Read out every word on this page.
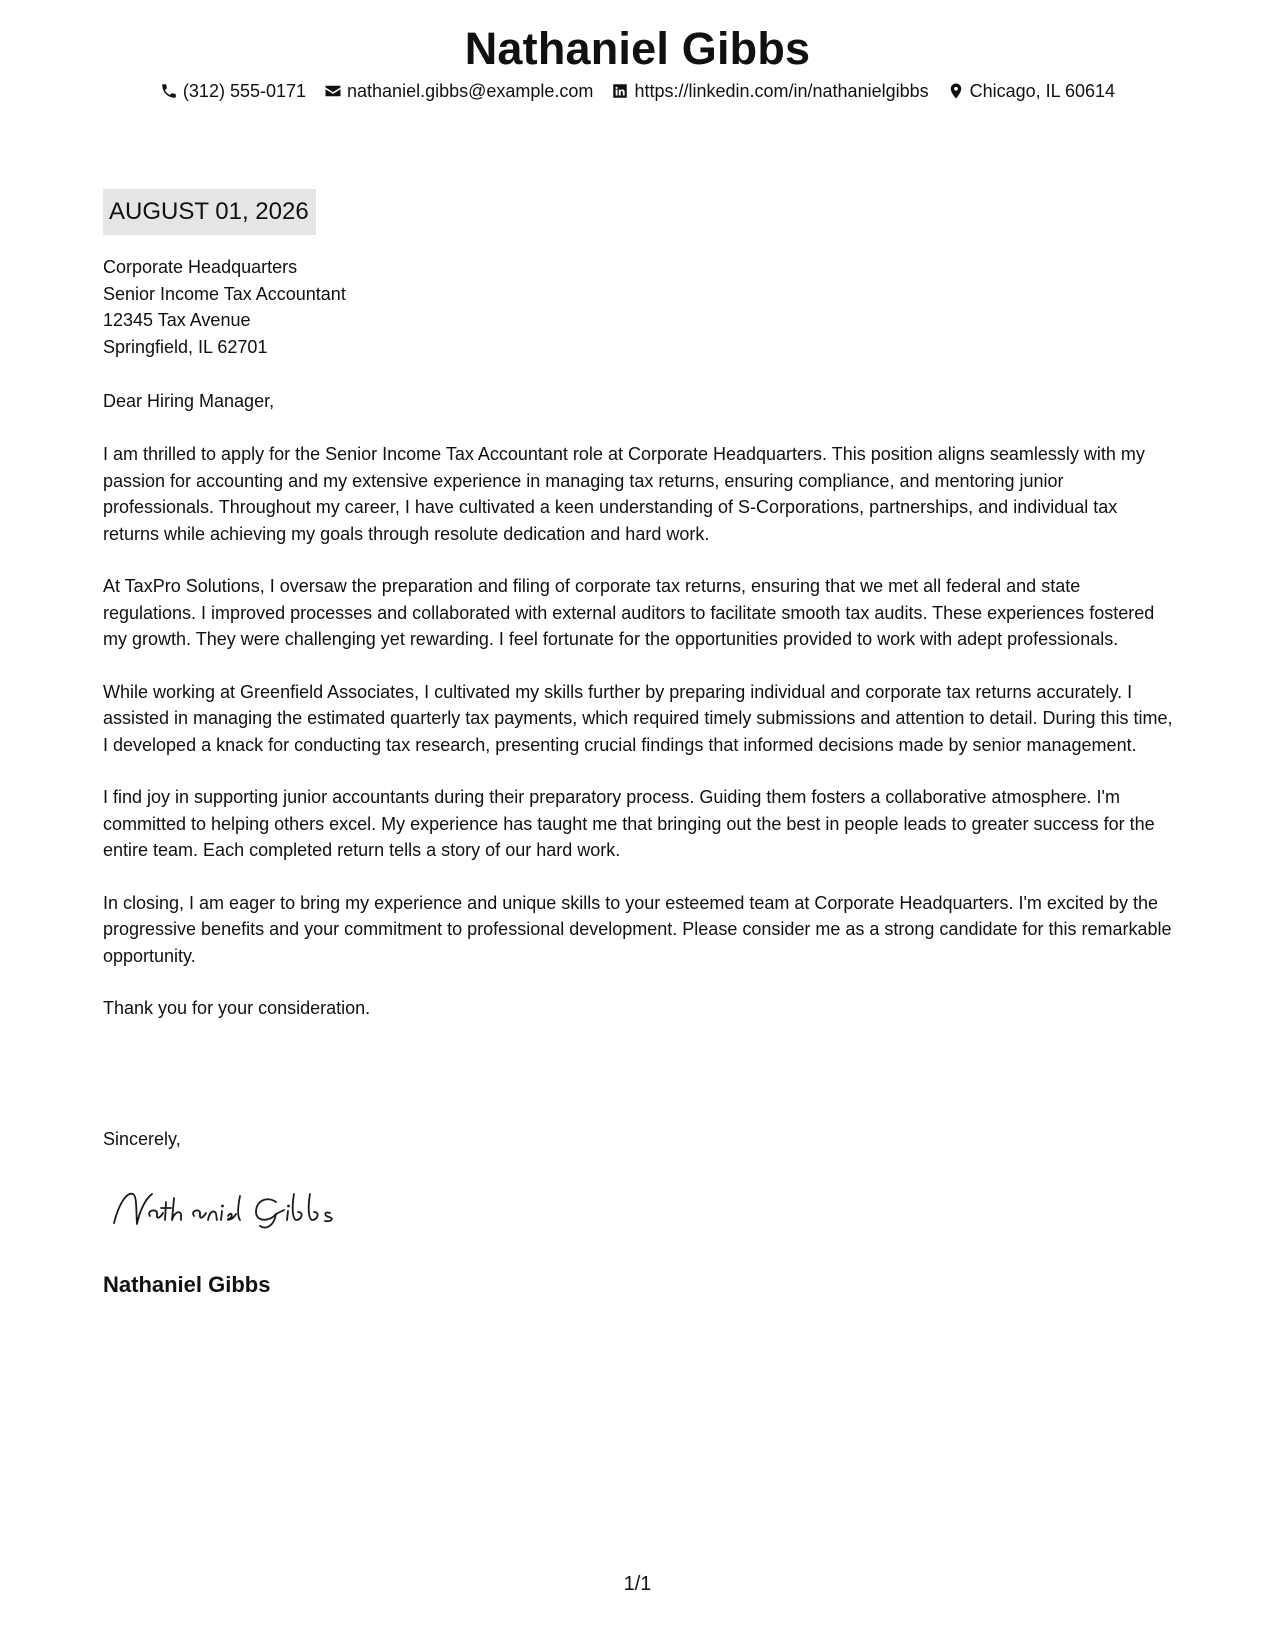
Nathaniel Gibbs
(312) 555-0171 nathaniel.gibbs@example.com https://linkedin.com/in/nathanielgibbs Chicago, IL 60614
AUGUST 01, 2026
Corporate Headquarters
Senior Income Tax Accountant
12345 Tax Avenue
Springfield, IL 62701
Dear Hiring Manager,

I am thrilled to apply for the Senior Income Tax Accountant role at Corporate Headquarters. This position aligns seamlessly with my passion for accounting and my extensive experience in managing tax returns, ensuring compliance, and mentoring junior professionals. Throughout my career, I have cultivated a keen understanding of S-Corporations, partnerships, and individual tax returns while achieving my goals through resolute dedication and hard work.

At TaxPro Solutions, I oversaw the preparation and filing of corporate tax returns, ensuring that we met all federal and state regulations. I improved processes and collaborated with external auditors to facilitate smooth tax audits. These experiences fostered my growth. They were challenging yet rewarding. I feel fortunate for the opportunities provided to work with adept professionals.

While working at Greenfield Associates, I cultivated my skills further by preparing individual and corporate tax returns accurately. I assisted in managing the estimated quarterly tax payments, which required timely submissions and attention to detail. During this time, I developed a knack for conducting tax research, presenting crucial findings that informed decisions made by senior management.

I find joy in supporting junior accountants during their preparatory process. Guiding them fosters a collaborative atmosphere. I'm committed to helping others excel. My experience has taught me that bringing out the best in people leads to greater success for the entire team. Each completed return tells a story of our hard work.

In closing, I am eager to bring my experience and unique skills to your esteemed team at Corporate Headquarters. I'm excited by the progressive benefits and your commitment to professional development. Please consider me as a strong candidate for this remarkable opportunity.

Thank you for your consideration.

Sincerely,
Nathaniel Gibbs
1/1
